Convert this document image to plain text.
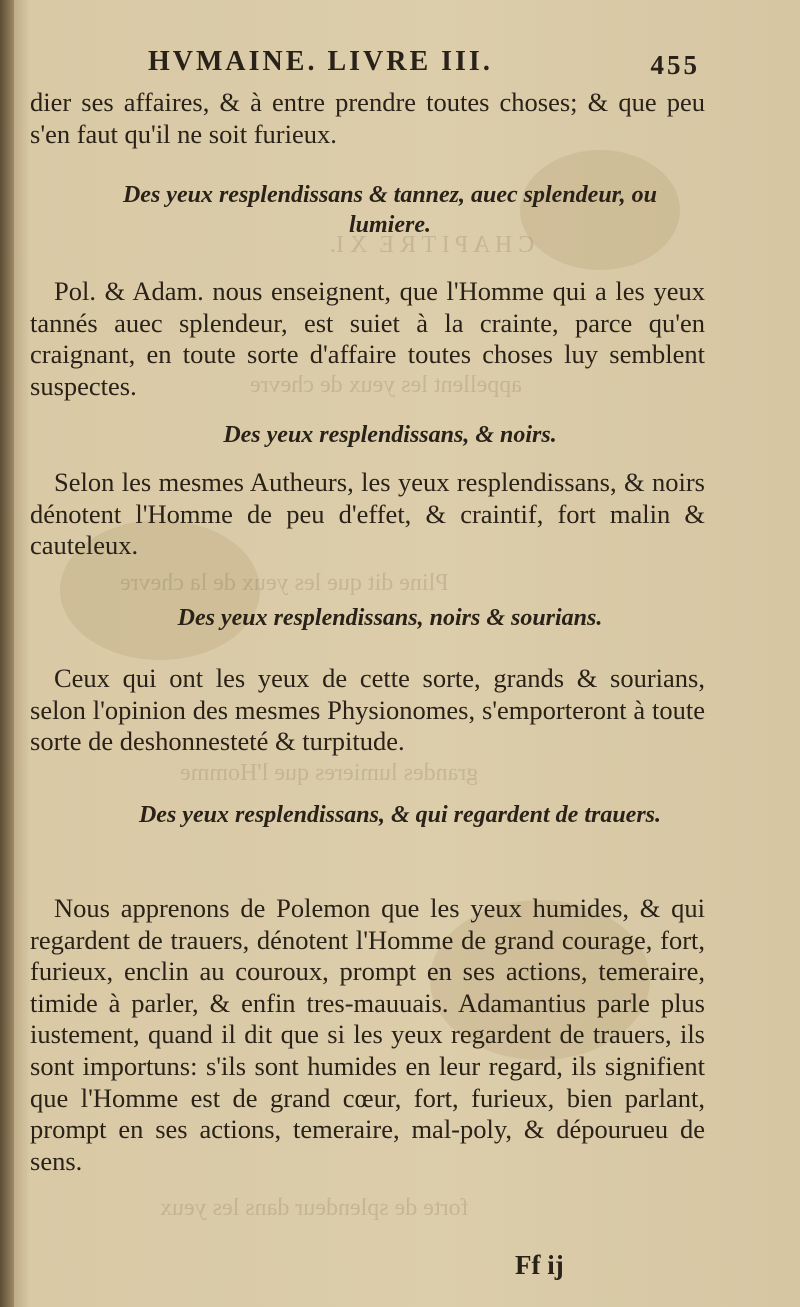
C H A P I T R E  X I.
appellent les yeux de chevre
Pline dit que les yeux de la chevre
grandes lumieres que l'Homme
forte de splendeur dans les yeux
HVMAINE. LIVRE III.	455
dier ses affaires, & à entre prendre toutes choses; & que peu s'en faut qu'il ne soit furieux.
Des yeux resplendissans & tannez, auec splendeur, ou lumiere.
Pol. & Adam. nous enseignent, que l'Homme qui a les yeux tannés auec splendeur, est suiet à la crainte, parce qu'en craignant, en toute sorte d'affaire toutes choses luy semblent suspectes.
Des yeux resplendissans, & noirs.
Selon les mesmes Autheurs, les yeux resplendissans, & noirs dénotent l'Homme de peu d'effet, & craintif, fort malin & cauteleux.
Des yeux resplendissans, noirs & sourians.
Ceux qui ont les yeux de cette sorte, grands & sourians, selon l'opinion des mesmes Physionomes, s'emporteront à toute sorte de deshonnesteté & turpitude.
Des yeux resplendissans, & qui regardent de trauers.
Nous apprenons de Polemon que les yeux humides, & qui regardent de trauers, dénotent l'Homme de grand courage, fort, furieux, enclin au couroux, prompt en ses actions, temeraire, timide à parler, & enfin tres-mauuais. Adamantius parle plus iustement, quand il dit que si les yeux regardent de trauers, ils sont importuns: s'ils sont humides en leur regard, ils signifient que l'Homme est de grand cœur, fort, furieux, bien parlant, prompt en ses actions, temeraire, mal-poly, & dépourueu de sens.
Ff ij
